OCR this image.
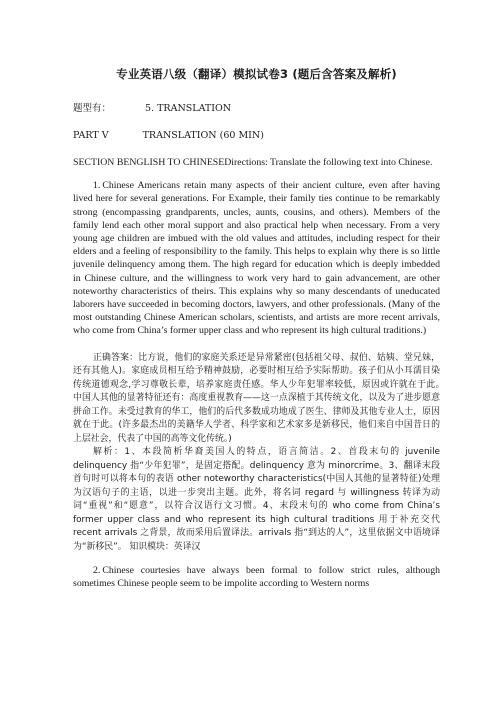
专业英语八级（翻译）模拟试卷3 (题后含答案及解析)

题型有：	5. TRANSLATION

PART V	TRANSLATION (60 MIN)

SECTION BENGLISH TO CHINESEDirections: Translate the following text into Chinese.

1. Chinese Americans retain many aspects of their ancient culture, even after having lived here for several generations. For Example, their family ties continue to be remarkably strong (encompassing grandparents, uncles, aunts, cousins, and others). Members of the family lend each other moral support and also practical help when necessary. From a very young age children are imbued with the old values and attitudes, including respect for their elders and a feeling of responsibility to the family. This helps to explain why there is so little juvenile delinquency among them. The high regard for education which is deeply imbedded in Chinese culture, and the willingness to work very hard to gain advancement, are other noteworthy characteristics of theirs. This explains why so many descendants of uneducated laborers have succeeded in becoming doctors, lawyers, and other professionals. (Many of the most outstanding Chinese American scholars, scientists, and artists are more recent arrivals, who come from China’s former upper class and who represent its high cultural traditions.)

正确答案：比方说，他们的家庭关系还是异常紧密(包括祖父母、叔伯、姑姨、堂兄妹，还有其他人)。家庭成员相互给予精神鼓励，必要时相互给予实际帮助。孩子们从小耳濡目染传统道德观念,学习尊敬长辈，培养家庭责任感。华人少年犯罪率较低，原因或许就在于此。　中国人其他的显著特征还有：高度重视教育——这一点深植于其传统文化，以及为了进步愿意拼命工作。未受过教育的华工，他们的后代多数成功地成了医生、律师及其他专业人士，原因就在于此。(许多最杰出的美籍华人学者、科学家和艺术家多是新移民，他们来自中国昔日的上层社会，代表了中国的高等文化传统。)

解析：1、本段简析华裔美国人的特点，语言简洁。2、首段末句的 juvenile delinquency 指“少年犯罪”，是固定搭配。delinquency 意为 minorcrime。3、翻译末段首句时可以将本句的表语 other noteworthy characteristics(中国人其他的显著特征)处理为汉语句子的主语，以进一步突出主题。此外，将名词 regard 与 willingness 转译为动词“重视”和“愿意”，以符合汉语行文习惯。4、末段末句的 who come from China’s former upper class and who represent its high cultural traditions 用于补充交代 recent arrivals 之背景，故而采用后置译法。arrivals 指“到达的人”，这里依据文中语境译为“新移民”。 知识模块：英译汉

2. Chinese courtesies have always been formal to follow strict rules, although sometimes Chinese people seem to be impolite according to Western norms
